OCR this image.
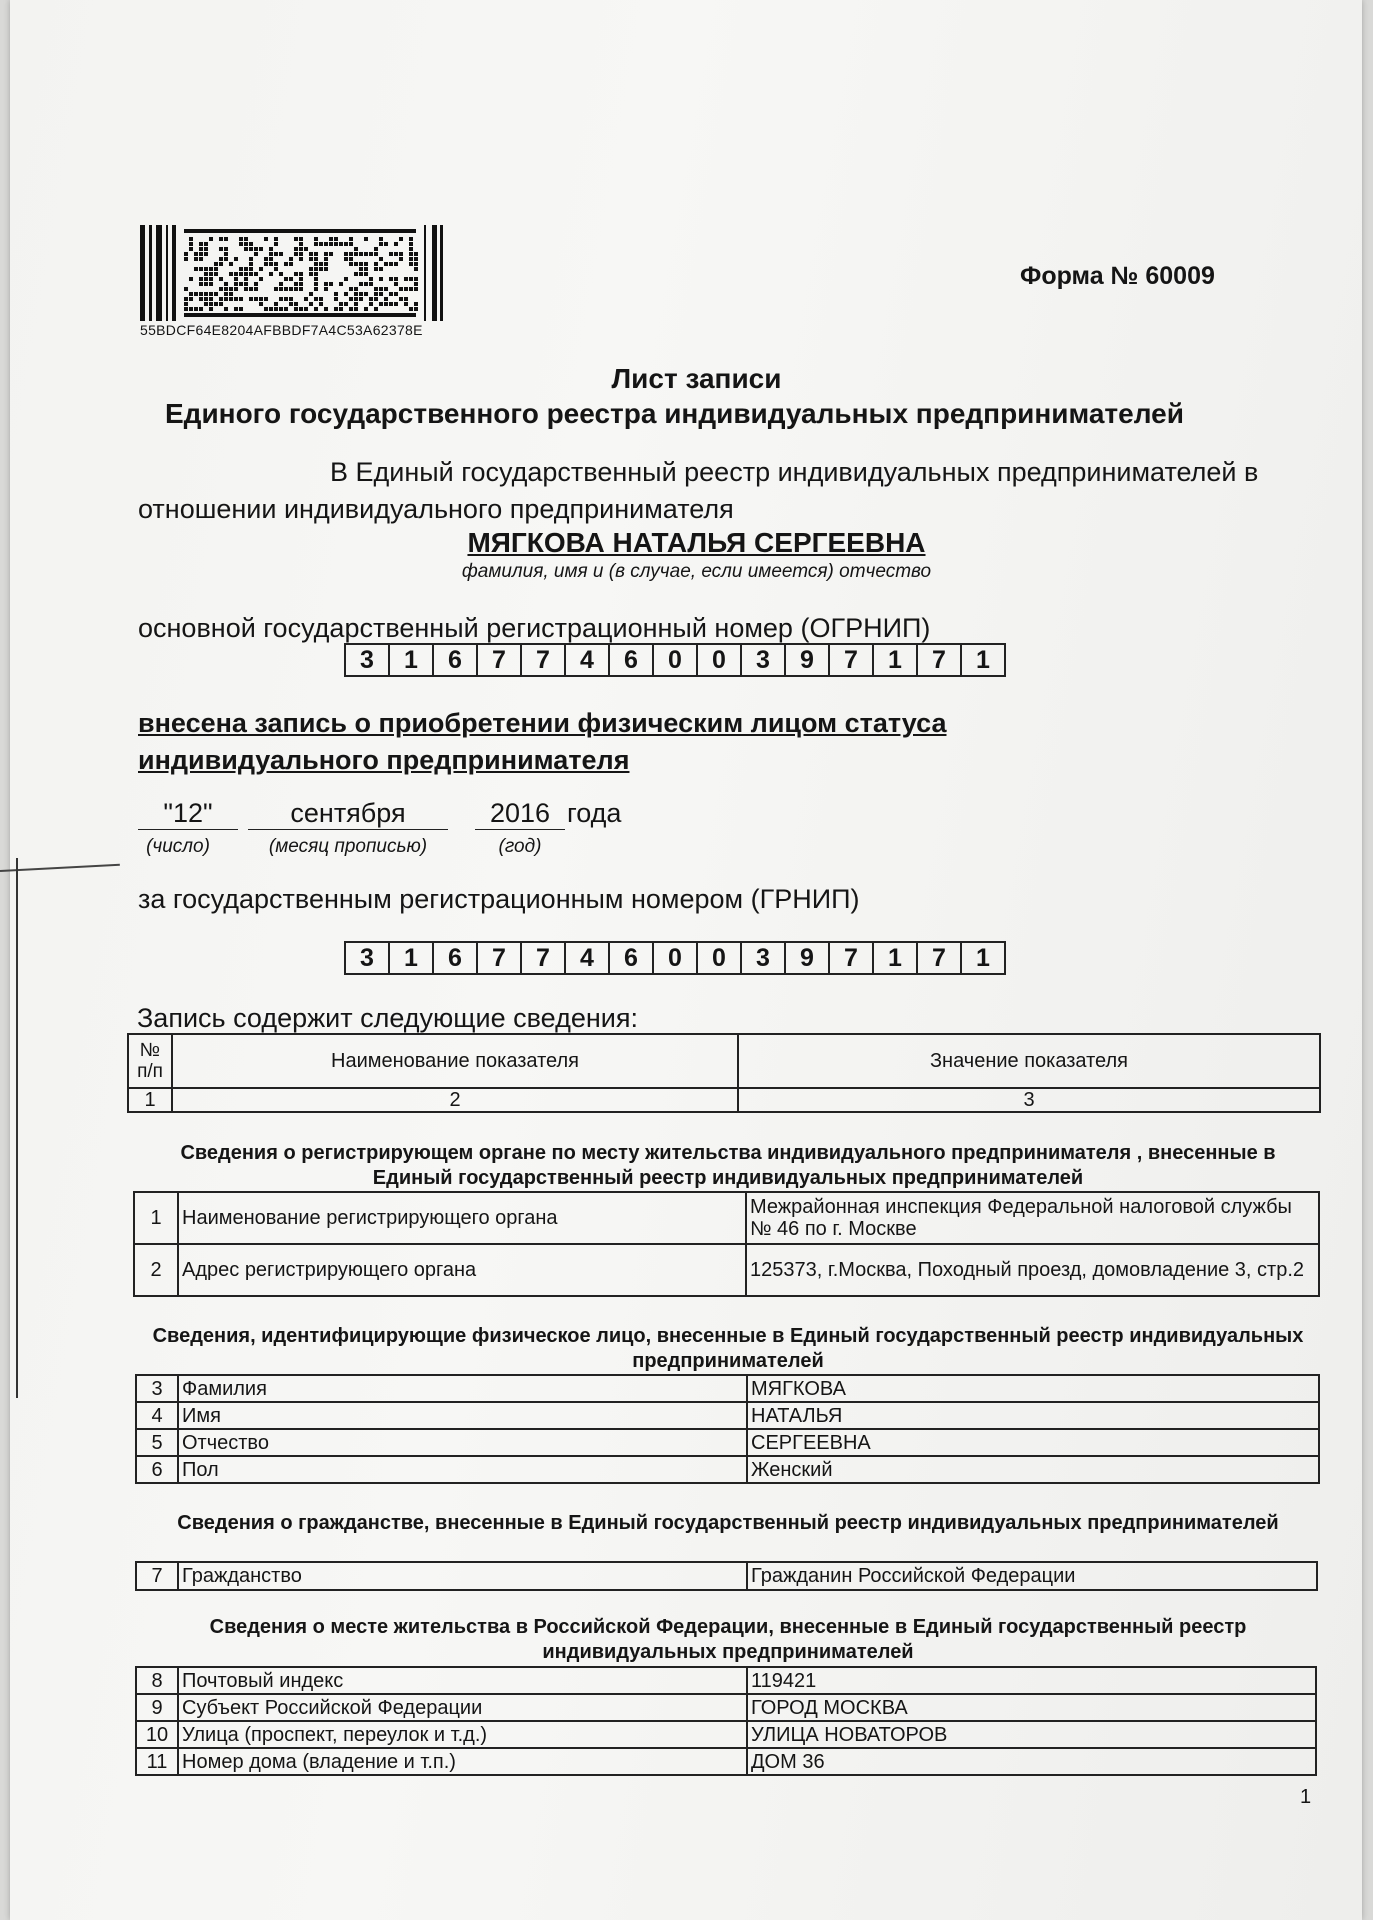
55BDCF64E8204AFBBDF7A4C53A62378E
Форма № 60009
Лист записи
Единого государственного реестра индивидуальных предпринимателей
В Единый государственный реестр индивидуальных предпринимателей в
отношении индивидуального предпринимателя
МЯГКОВА НАТАЛЬЯ СЕРГЕЕВНА
фамилия, имя и (в случае, если имеется) отчество
основной государственный регистрационный номер (ОГРНИП)
3	1	6	7	7	4	6	0	0	3	9	7	1	7	1
внесена запись о приобретении физическим лицом статуса
индивидуального предпринимателя
"12"	сентября	2016 года
(число)	(месяц прописью)	(год)
за государственным регистрационным номером (ГРНИП)
3	1	6	7	7	4	6	0	0	3	9	7	1	7	1
Запись содержит следующие сведения:
№ п/п	Наименование показателя	Значение показателя
1	2	3
Сведения о регистрирующем органе по месту жительства индивидуального предпринимателя , внесенные в Единый государственный реестр индивидуальных предпринимателей
1	Наименование регистрирующего органа	Межрайонная инспекция Федеральной налоговой службы № 46 по г. Москве
2	Адрес регистрирующего органа	125373, г.Москва, Походный проезд, домовладение 3, стр.2
Сведения, идентифицирующие физическое лицо, внесенные в Единый государственный реестр индивидуальных предпринимателей
3	Фамилия	МЯГКОВА
4	Имя	НАТАЛЬЯ
5	Отчество	СЕРГЕЕВНА
6	Пол	Женский
Сведения о гражданстве, внесенные в Единый государственный реестр индивидуальных предпринимателей
7	Гражданство	Гражданин Российской Федерации
Сведения о месте жительства в Российской Федерации, внесенные в Единый государственный реестр индивидуальных предпринимателей
8	Почтовый индекс	119421
9	Субъект Российской Федерации	ГОРОД МОСКВА
10	Улица (проспект, переулок и т.д.)	УЛИЦА НОВАТОРОВ
11	Номер дома (владение и т.п.)	ДОМ 36
1
